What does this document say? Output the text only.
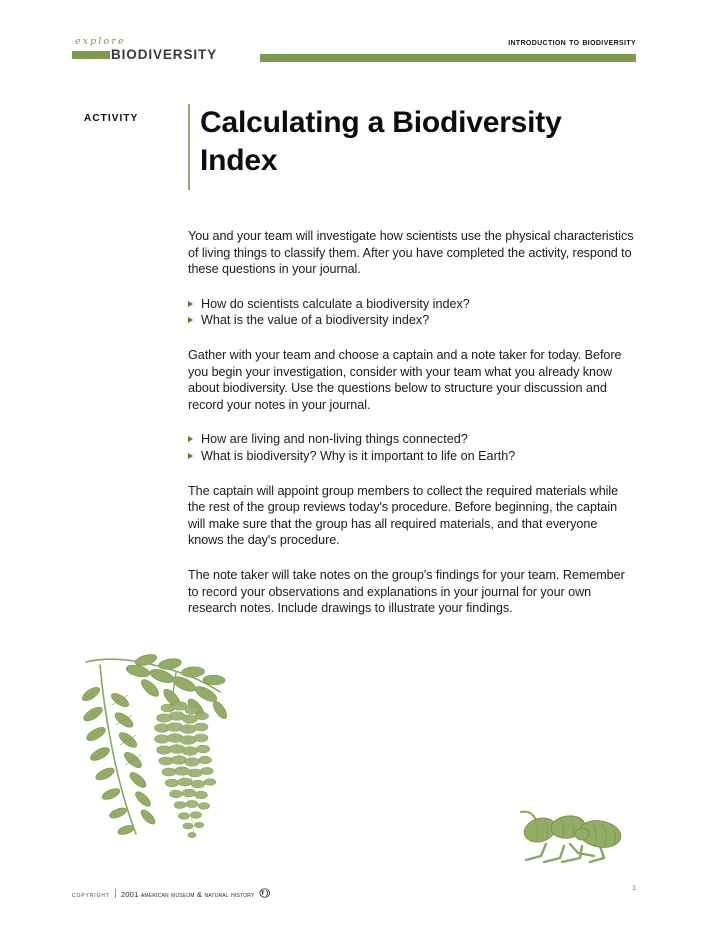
explore
BIODIVERSITY
introduction to biodiversity
activity	Calculating a Biodiversity Index

You and your team will investigate how scientists use the physical characteristics of living things to classify them. After you have completed the activity, respond to these questions in your journal.

How do scientists calculate a biodiversity index?
What is the value of a biodiversity index?

Gather with your team and choose a captain and a note taker for today. Before you begin your investigation, consider with your team what you already know about biodiversity. Use the questions below to structure your discussion and record your notes in your journal.

How are living and non-living things connected?
What is biodiversity? Why is it important to life on Earth?

The captain will appoint group members to collect the required materials while the rest of the group reviews today's procedure. Before beginning, the captain will make sure that the group has all required materials, and that everyone knows the day's procedure.

The note taker will take notes on the group's findings for your team. Remember to record your observations and explanations in your journal for your own research notes. Include drawings to illustrate your findings.

copyright 2001 american museum & natural history
1
